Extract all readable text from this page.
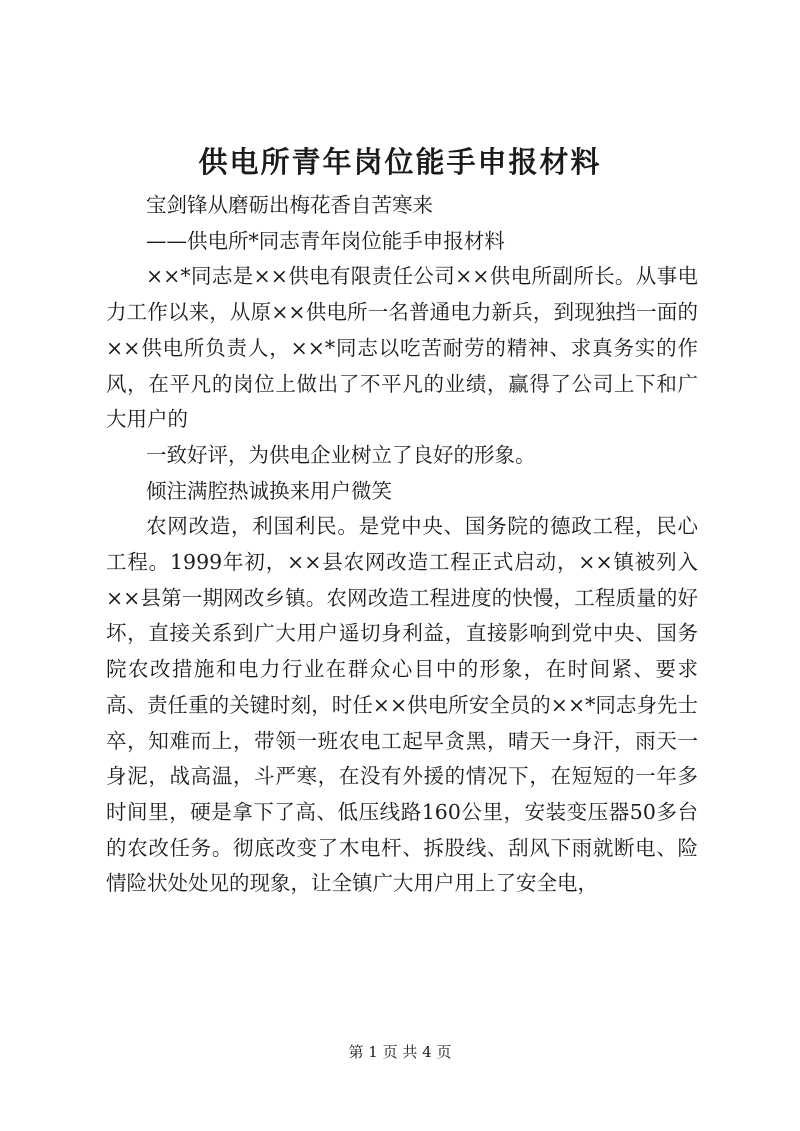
供电所青年岗位能手申报材料

宝剑锋从磨砺出梅花香自苦寒来

——供电所*同志青年岗位能手申报材料

××*同志是××供电有限责任公司××供电所副所长。从事电力工作以来，从原××供电所一名普通电力新兵，到现独挡一面的××供电所负责人，××*同志以吃苦耐劳的精神、求真务实的作风，在平凡的岗位上做出了不平凡的业绩，赢得了公司上下和广大用户的

一致好评，为供电企业树立了良好的形象。

倾注满腔热诚换来用户微笑

农网改造，利国利民。是党中央、国务院的德政工程，民心工程。1999年初，××县农网改造工程正式启动，××镇被列入××县第一期网改乡镇。农网改造工程进度的快慢，工程质量的好坏，直接关系到广大用户遥切身利益，直接影响到党中央、国务院农改措施和电力行业在群众心目中的形象，在时间紧、要求高、责任重的关键时刻，时任××供电所安全员的××*同志身先士卒，知难而上，带领一班农电工起早贪黑，晴天一身汗，雨天一身泥，战高温，斗严寒，在没有外援的情况下，在短短的一年多时间里，硬是拿下了高、低压线路160公里，安装变压器50多台的农改任务。彻底改变了木电杆、拆股线、刮风下雨就断电、险情险状处处见的现象，让全镇广大用户用上了安全电，

第 1 页 共 4 页
